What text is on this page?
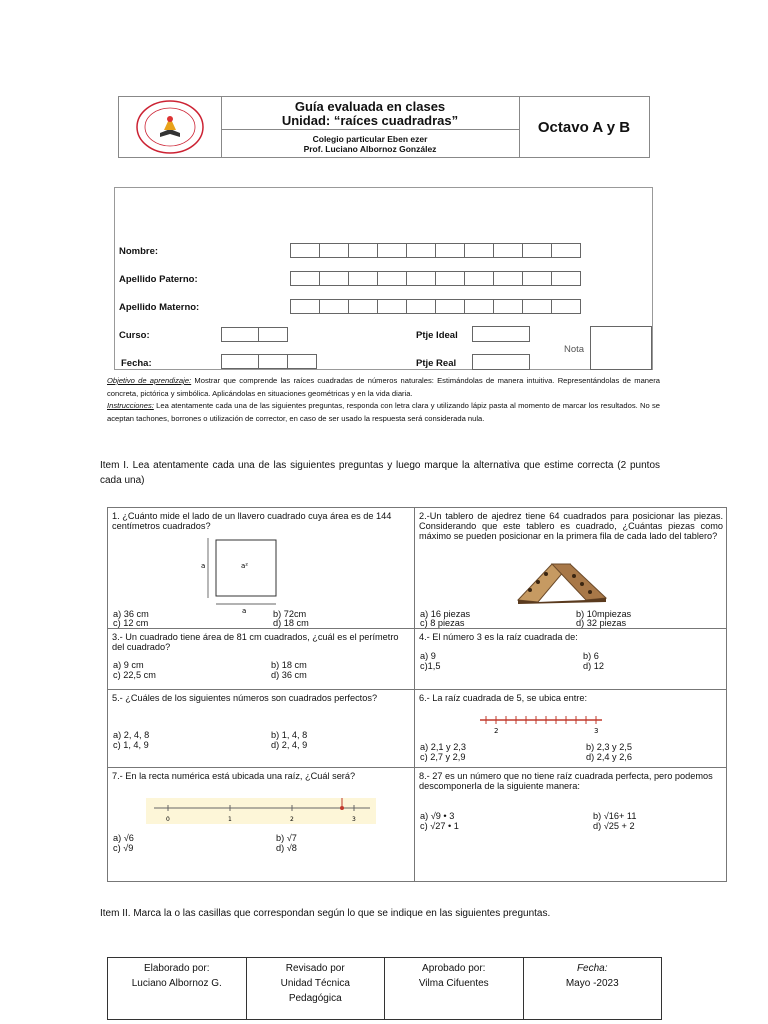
Guía evaluada en clases
Unidad: “raíces cuadradras”
Colegio particular Eben ezer
Prof. Luciano Albornoz González
Octavo A y B
Nombre:
Apellido Paterno:
Apellido Materno:
Curso:
Fecha:
Ptje Ideal
Ptje Real
Nota
Objetivo de aprendizaje: Mostrar que comprende las raíces cuadradas de números naturales: Estimándolas de manera intuitiva. Representándolas de manera concreta, pictórica y simbólica. Aplicándolas en situaciones geométricas y en la vida diaria.
Instrucciones: Lea atentamente cada una de las siguientes preguntas, responda con letra clara y utilizando lápiz pasta al momento de marcar los resultados. No se aceptan tachones, borrones o utilización de corrector, en caso de ser usado la respuesta será considerada nula.
Item I. Lea atentamente cada una de las siguientes preguntas y luego marque la alternativa que estime correcta (2 puntos cada una)
1. ¿Cuánto mide el lado de un llavero cuadrado cuya área es de 144 centímetros cuadrados?
a
a
a²
a) 36 cm	b) 72cm
c) 12 cm	d) 18 cm
2.-Un tablero de ajedrez tiene 64 cuadrados para posicionar las piezas. Considerando que este tablero es cuadrado, ¿Cuántas piezas como máximo se pueden posicionar en la primera fila de cada lado del tablero?
a) 16 piezas	b) 10mpiezas
c) 8 piezas	d) 32 piezas
3.- Un cuadrado tiene área de 81 cm cuadrados, ¿cuál es el perímetro del cuadrado?
a) 9 cm	b) 18 cm
c) 22,5 cm	d) 36 cm
4.- El número 3 es la raíz cuadrada de:
a) 9	b) 6
c)1,5	d) 12
5.- ¿Cuáles de los siguientes números son cuadrados perfectos?
a) 2, 4, 8	b) 1, 4, 8
c) 1, 4, 9	d) 2, 4, 9
6.- La raíz cuadrada de 5, se ubica entre:
2	3
a) 2,1 y 2,3	b) 2,3 y 2,5
c) 2,7 y 2,9	d) 2,4 y 2,6
7.- En la recta numérica está ubicada una raíz, ¿Cuál será?
0	1	2	3
a) √6	b) √7
c) √9	d) √8
8.- 27 es un número que no tiene raíz cuadrada perfecta, pero podemos descomponerla de la siguiente manera:
a) √9 • 3	b) √16+ 11
c) √27 • 1	d) √25 + 2
Item II. Marca la o las casillas que correspondan según lo que se indique en las siguientes preguntas.
Elaborado por:
Luciano Albornoz G.
Revisado por
Unidad Técnica Pedagógica
Aprobado por:
Vilma Cifuentes
Fecha:
Mayo -2023
